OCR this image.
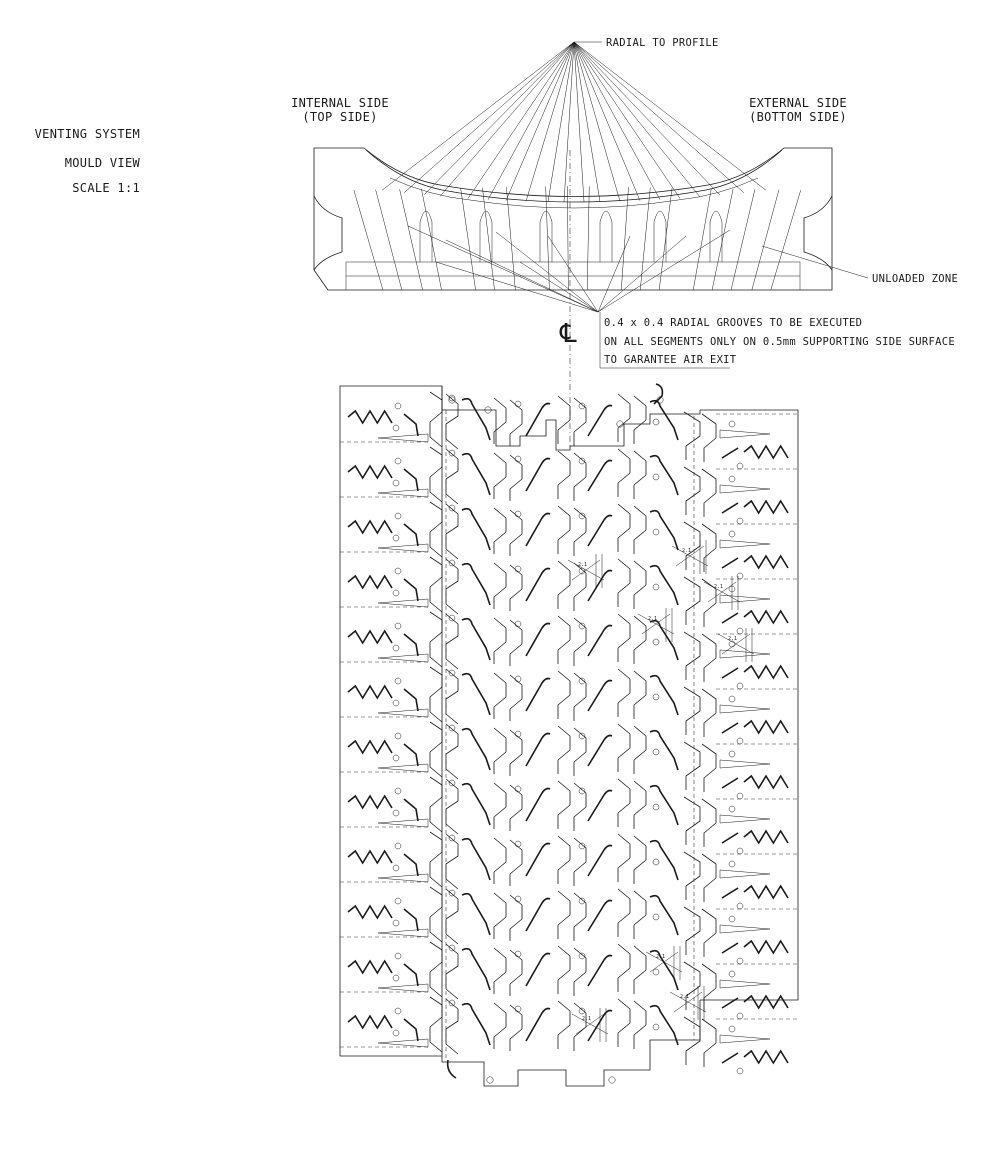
VENTING SYSTEM
MOULD VIEW
SCALE 1:1
INTERNAL SIDE
(TOP SIDE)
EXTERNAL SIDE
(BOTTOM SIDE)
RADIAL TO PROFILE
UNLOADED ZONE
℄	0.4 x 0.4 RADIAL GROOVES TO BE EXECUTED
ON ALL SEGMENTS ONLY ON 0.5mm SUPPORTING SIDE SURFACE
TO GARANTEE AIR EXIT
2.1
2.1
2.1
2.1
2.1
2.1
2.1
2.1
